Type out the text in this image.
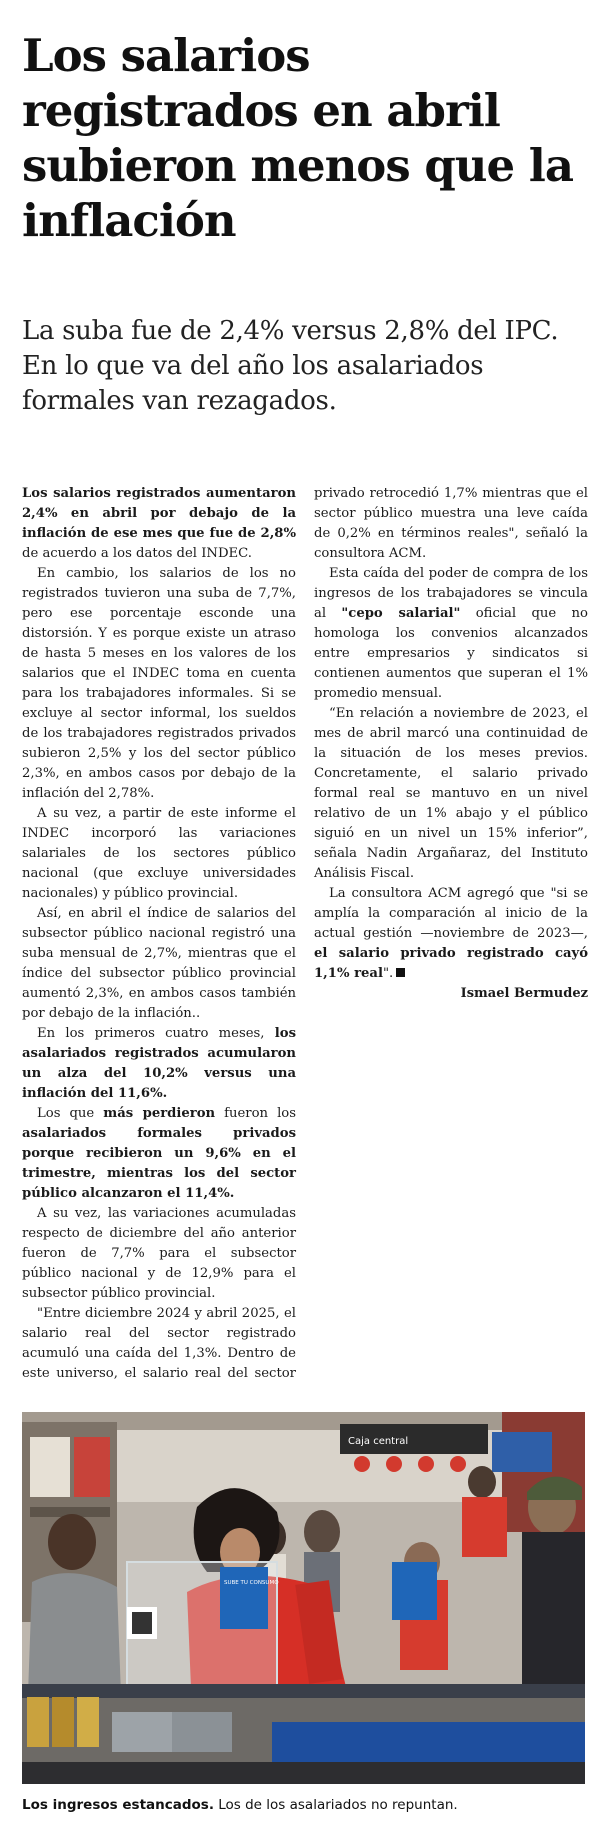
Los salarios registrados en abril subieron menos que la inflación

La suba fue de 2,4% versus 2,8% del IPC. En lo que va del año los asalariados formales van rezagados.

Los salarios registrados aumentaron 2,4% en abril por debajo de la inflación de ese mes que fue de 2,8% de acuerdo a los datos del INDEC.

En cambio, los salarios de los no registrados tuvieron una suba de 7,7%, pero ese porcentaje esconde una distorsión. Y es porque existe un atraso de hasta 5 meses en los valores de los salarios que el INDEC toma en cuenta para los trabajadores informales. Si se excluye al sector informal, los sueldos de los trabajadores registrados privados subieron 2,5% y los del sector público 2,3%, en ambos casos por debajo de la inflación del 2,78%.

A su vez, a partir de este informe el INDEC incorporó las variaciones salariales de los sectores público nacional (que excluye universidades nacionales) y público provincial.

Así, en abril el índice de salarios del subsector público nacional registró una suba mensual de 2,7%, mientras que el índice del subsector público provincial aumentó 2,3%, en ambos casos también por debajo de la inflación..

En los primeros cuatro meses, los asalariados registrados acumularon un alza del 10,2% versus una inflación del 11,6%.

Los que más perdieron fueron los asalariados formales privados porque recibieron un 9,6% en el trimestre, mientras los del sector público alcanzaron el 11,4%.

A su vez, las variaciones acumuladas respecto de diciembre del año anterior fueron de 7,7% para el subsector público nacional y de 12,9% para el subsector público provincial.

"Entre diciembre 2024 y abril 2025, el salario real del sector registrado acumuló una caída del 1,3%. Dentro de este universo, el salario real del sector privado retrocedió 1,7% mientras que el sector público muestra una leve caída de 0,2% en términos reales", señaló la consultora ACM.

Esta caída del poder de compra de los ingresos de los trabajadores se vincula al "cepo salarial" oficial que no homologa los convenios alcanzados entre empresarios y sindicatos si contienen aumentos que superan el 1% promedio mensual.

“En relación a noviembre de 2023, el mes de abril marcó una continuidad de la situación de los meses previos. Concretamente, el salario privado formal real se mantuvo en un nivel relativo de un 1% abajo y el público siguió en un nivel un 15% inferior”, señala Nadin Argañaraz, del Instituto Análisis Fiscal.

La consultora ACM agregó que "si se amplía la comparación al inicio de la actual gestión —noviembre de 2023—, el salario privado registrado cayó 1,1% real".

Ismael Bermudez

Caja central
SUBE TU CONSUMO

Los ingresos estancados. Los de los asalariados no repuntan.
